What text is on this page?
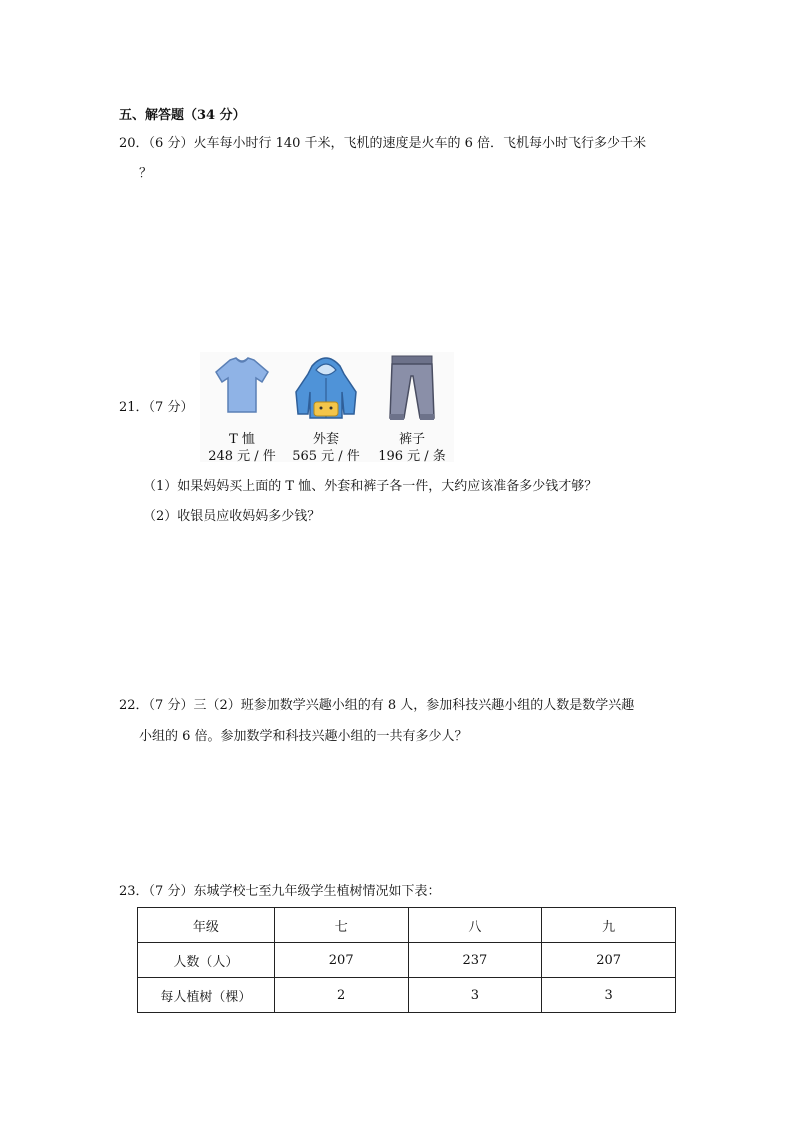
五、解答题（34 分）
20．（6 分）火车每小时行 140 千米，飞机的速度是火车的 6 倍．飞机每小时飞行多少千米
？
21．（7 分）
T 恤
248 元 / 件
外套
565 元 / 件
裤子
196 元 / 条
（1）如果妈妈买上面的 T 恤、外套和裤子各一件，大约应该准备多少钱才够？
（2）收银员应收妈妈多少钱？
22．（7 分）三（2）班参加数学兴趣小组的有 8 人，参加科技兴趣小组的人数是数学兴趣
小组的 6 倍。参加数学和科技兴趣小组的一共有多少人？
23．（7 分）东城学校七至九年级学生植树情况如下表：
年级	七	八	九
人数（人）	207	237	207
每人植树（棵）	2	3	3
